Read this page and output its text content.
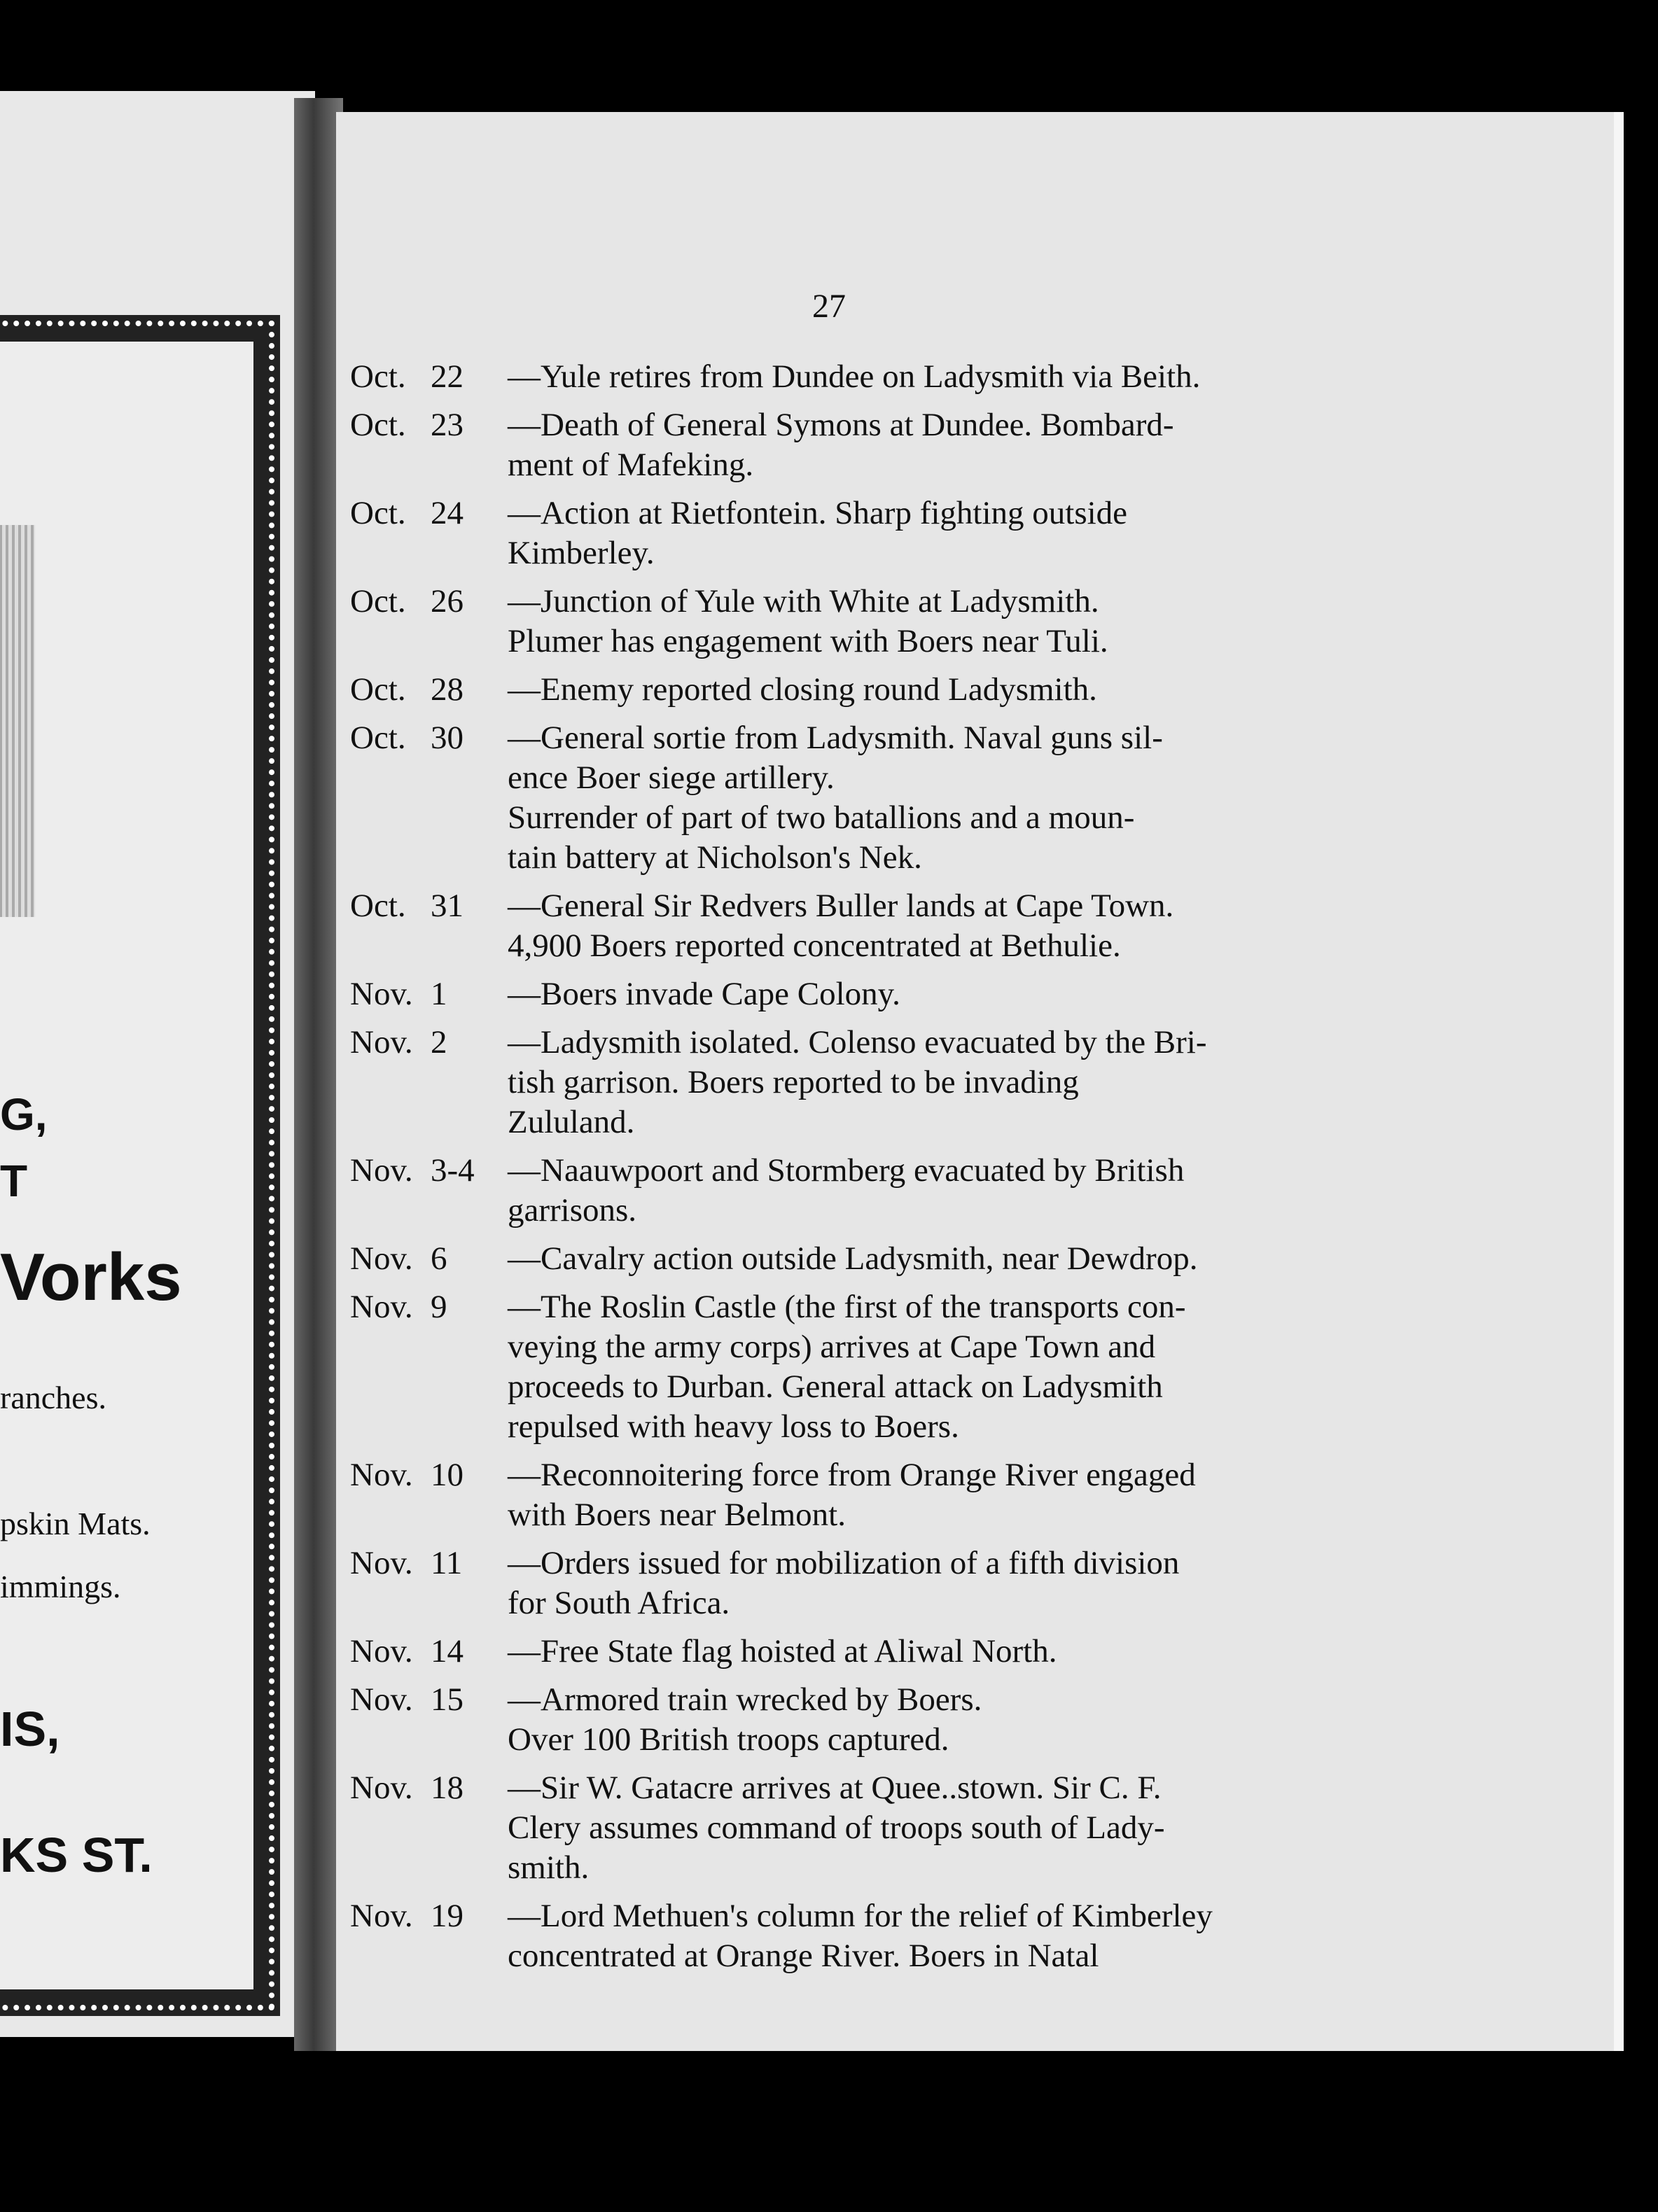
G,
T
Vorks
ranches.
pskin Mats.
immings.
IS,
KS ST.
27
Oct. 22 —Yule retires from Dundee on Ladysmith via Beith.
Oct. 23 —Death of General Symons at Dundee. Bombard-
ment of Mafeking.
Oct. 24 —Action at Rietfontein. Sharp fighting outside
Kimberley.
Oct. 26 —Junction of Yule with White at Ladysmith.
Plumer has engagement with Boers near Tuli.
Oct. 28 —Enemy reported closing round Ladysmith.
Oct. 30 —General sortie from Ladysmith. Naval guns sil-
ence Boer siege artillery.
Surrender of part of two batallions and a moun-
tain battery at Nicholson's Nek.
Oct. 31 —General Sir Redvers Buller lands at Cape Town.
4,900 Boers reported concentrated at Bethulie.
Nov. 1 —Boers invade Cape Colony.
Nov. 2 —Ladysmith isolated. Colenso evacuated by the Bri-
tish garrison. Boers reported to be invading
Zululand.
Nov. 3-4 —Naauwpoort and Stormberg evacuated by British
garrisons.
Nov. 6 —Cavalry action outside Ladysmith, near Dewdrop.
Nov. 9 —The Roslin Castle (the first of the transports con-
veying the army corps) arrives at Cape Town and
proceeds to Durban. General attack on Ladysmith
repulsed with heavy loss to Boers.
Nov. 10 —Reconnoitering force from Orange River engaged
with Boers near Belmont.
Nov. 11 —Orders issued for mobilization of a fifth division
for South Africa.
Nov. 14 —Free State flag hoisted at Aliwal North.
Nov. 15 —Armored train wrecked by Boers.
Over 100 British troops captured.
Nov. 18 —Sir W. Gatacre arrives at Quee..stown. Sir C. F.
Clery assumes command of troops south of Lady-
smith.
Nov. 19 —Lord Methuen's column for the relief of Kimberley
concentrated at Orange River. Boers in Natal
